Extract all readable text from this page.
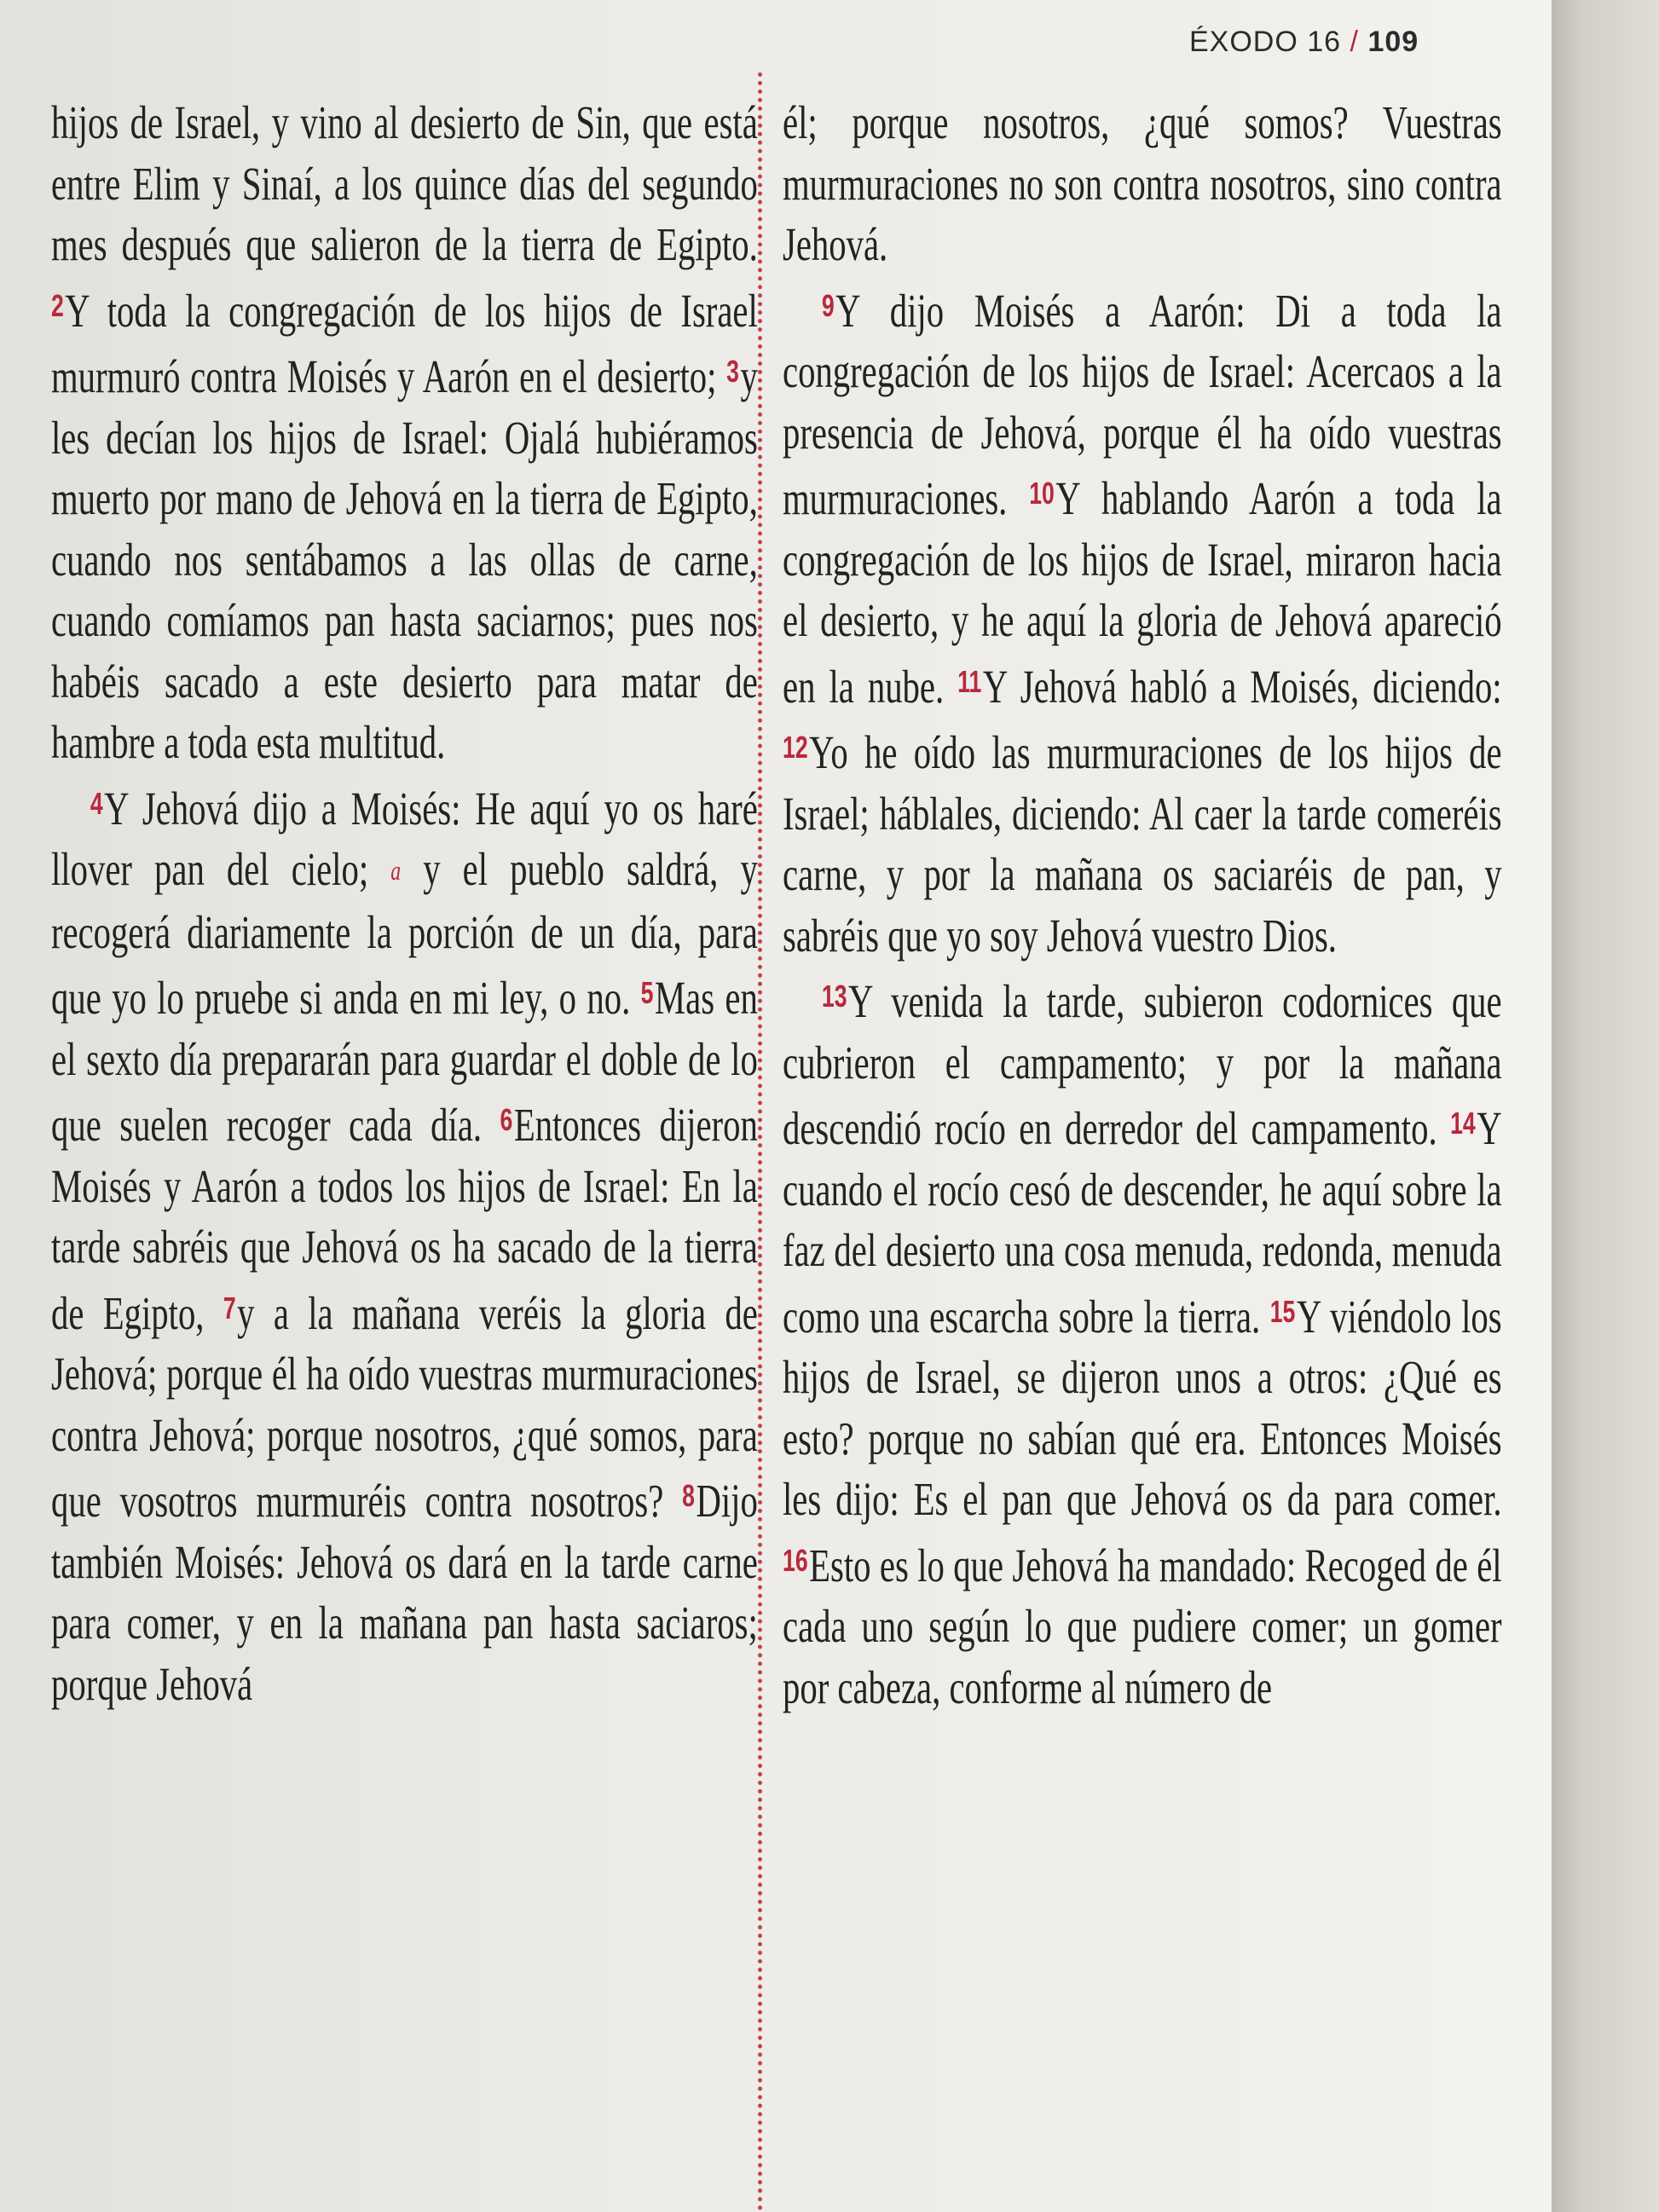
ÉXODO 16 / 109

hijos de Israel, y vino al desierto de Sin, que está entre Elim y Sinaí, a los quince días del segundo mes después que salieron de la tierra de Egipto. $^2$Y toda la congregación de los hijos de Israel murmuró contra Moisés y Aarón en el desierto; $^3$y les decían los hijos de Israel: Ojalá hubiéramos muerto por mano de Jehová en la tierra de Egipto, cuando nos sentábamos a las ollas de carne, cuando comíamos pan hasta saciarnos; pues nos habéis sacado a este desierto para matar de hambre a toda esta multitud.

$^4$Y Jehová dijo a Moisés: He aquí yo os haré llover pan del cielo; a y el pueblo saldrá, y recogerá diariamente la porción de un día, para que yo lo pruebe si anda en mi ley, o no. $^5$Mas en el sexto día prepararán para guardar el doble de lo que suelen recoger cada día. $^6$Entonces dijeron Moisés y Aarón a todos los hijos de Israel: En la tarde sabréis que Jehová os ha sacado de la tierra de Egipto, $^7$y a la mañana veréis la gloria de Jehová; porque él ha oído vuestras murmuraciones contra Jehová; porque nosotros, ¿qué somos, para que vosotros murmuréis contra nosotros? $^8$Dijo también Moisés: Jehová os dará en la tarde carne para comer, y en la mañana pan hasta saciaros; porque Jehová

él; porque nosotros, ¿qué somos? Vuestras murmuraciones no son contra nosotros, sino contra Jehová.

$^9$Y dijo Moisés a Aarón: Di a toda la congregación de los hijos de Israel: Acercaos a la presencia de Jehová, porque él ha oído vuestras murmuraciones. $^{10}$Y hablando Aarón a toda la congregación de los hijos de Israel, miraron hacia el desierto, y he aquí la gloria de Jehová apareció en la nube. $^{11}$Y Jehová habló a Moisés, diciendo: $^{12}$Yo he oído las murmuraciones de los hijos de Israel; háblales, diciendo: Al caer la tarde comeréis carne, y por la mañana os saciaréis de pan, y sabréis que yo soy Jehová vuestro Dios.

$^{13}$Y venida la tarde, subieron codornices que cubrieron el campamento; y por la mañana descendió rocío en derredor del campamento. $^{14}$Y cuando el rocío cesó de descender, he aquí sobre la faz del desierto una cosa menuda, redonda, menuda como una escarcha sobre la tierra. $^{15}$Y viéndolo los hijos de Israel, se dijeron unos a otros: ¿Qué es esto? porque no sabían qué era. Entonces Moisés les dijo: Es el pan que Jehová os da para comer. $^{16}$Esto es lo que Jehová ha mandado: Recoged de él cada uno según lo que pudiere comer; un gomer por cabeza, conforme al número de
